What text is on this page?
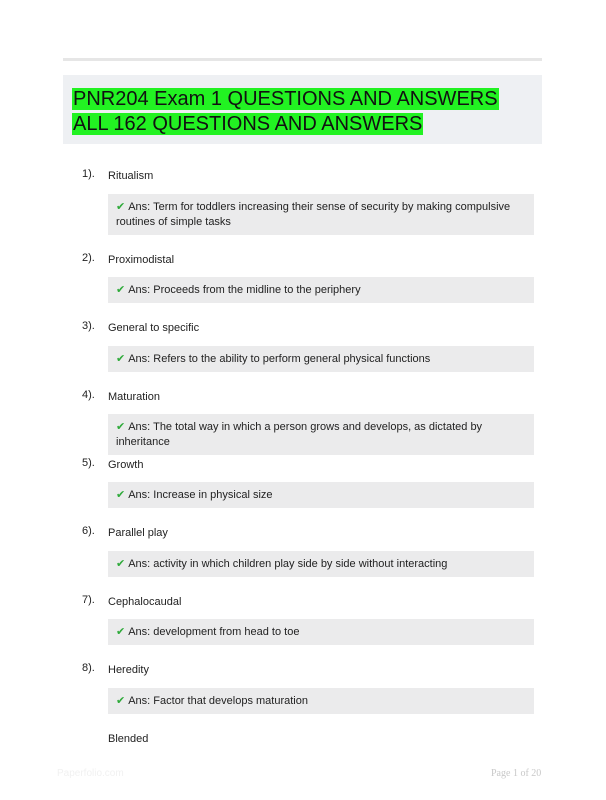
PNR204 Exam 1 QUESTIONS AND ANSWERS
ALL 162 QUESTIONS AND ANSWERS
1). Ritualism
✔ Ans: Term for toddlers increasing their sense of security by making compulsive routines of simple tasks
2). Proximodistal
✔ Ans: Proceeds from the midline to the periphery
3). General to specific
✔ Ans: Refers to the ability to perform general physical functions
4). Maturation
✔ Ans: The total way in which a person grows and develops, as dictated by inheritance
5). Growth
✔ Ans: Increase in physical size
6). Parallel play
✔ Ans: activity in which children play side by side without interacting
7). Cephalocaudal
✔ Ans: development from head to toe
8). Heredity
✔ Ans: Factor that develops maturation
Blended
Paperfolio.com	Page 1 of 20
